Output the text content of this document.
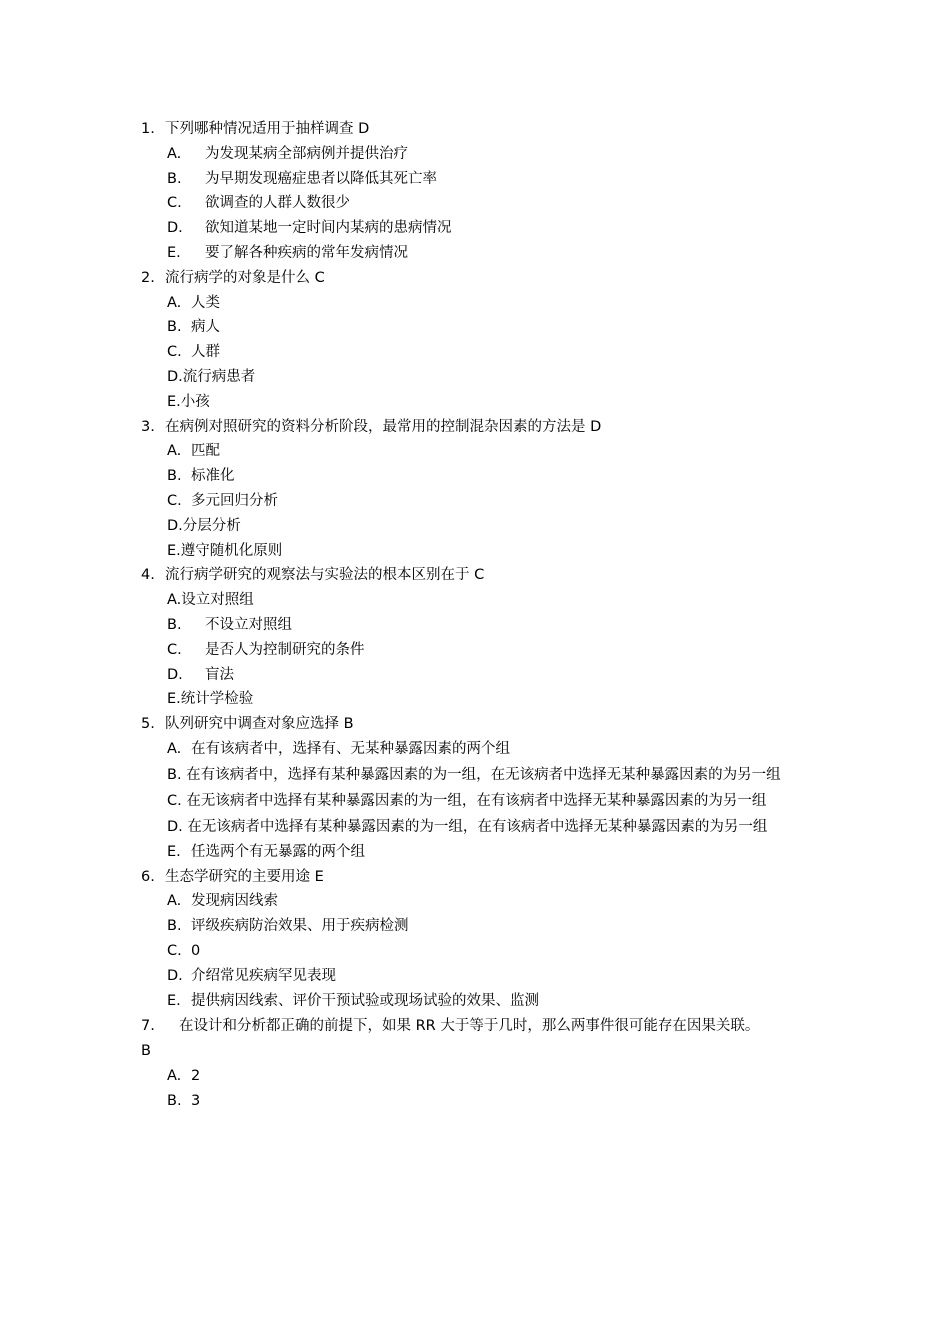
1. 下列哪种情况适用于抽样调查 D
A. 为发现某病全部病例并提供治疗
B. 为早期发现癌症患者以降低其死亡率
C. 欲调查的人群人数很少
D. 欲知道某地一定时间内某病的患病情况
E. 要了解各种疾病的常年发病情况
2. 流行病学的对象是什么 C
A. 人类
B. 病人
C. 人群
D.流行病患者
E.小孩
3. 在病例对照研究的资料分析阶段，最常用的控制混杂因素的方法是 D
A. 匹配
B. 标准化
C. 多元回归分析
D.分层分析
E.遵守随机化原则
4. 流行病学研究的观察法与实验法的根本区别在于 C
A.设立对照组
B. 不设立对照组
C. 是否人为控制研究的条件
D. 盲法
E.统计学检验
5. 队列研究中调查对象应选择 B
A. 在有该病者中，选择有、无某种暴露因素的两个组
B. 在有该病者中，选择有某种暴露因素的为一组，在无该病者中选择无某种暴露因素的为另一组
C. 在无该病者中选择有某种暴露因素的为一组，在有该病者中选择无某种暴露因素的为另一组
D. 在无该病者中选择有某种暴露因素的为一组，在有该病者中选择无某种暴露因素的为另一组
E. 任选两个有无暴露的两个组
6. 生态学研究的主要用途 E
A. 发现病因线索
B. 评级疾病防治效果、用于疾病检测
C. 0
D. 介绍常见疾病罕见表现
E. 提供病因线索、评价干预试验或现场试验的效果、监测
7. 在设计和分析都正确的前提下，如果 RR 大于等于几时，那么两事件很可能存在因果关联。
B
A. 2
B. 3
